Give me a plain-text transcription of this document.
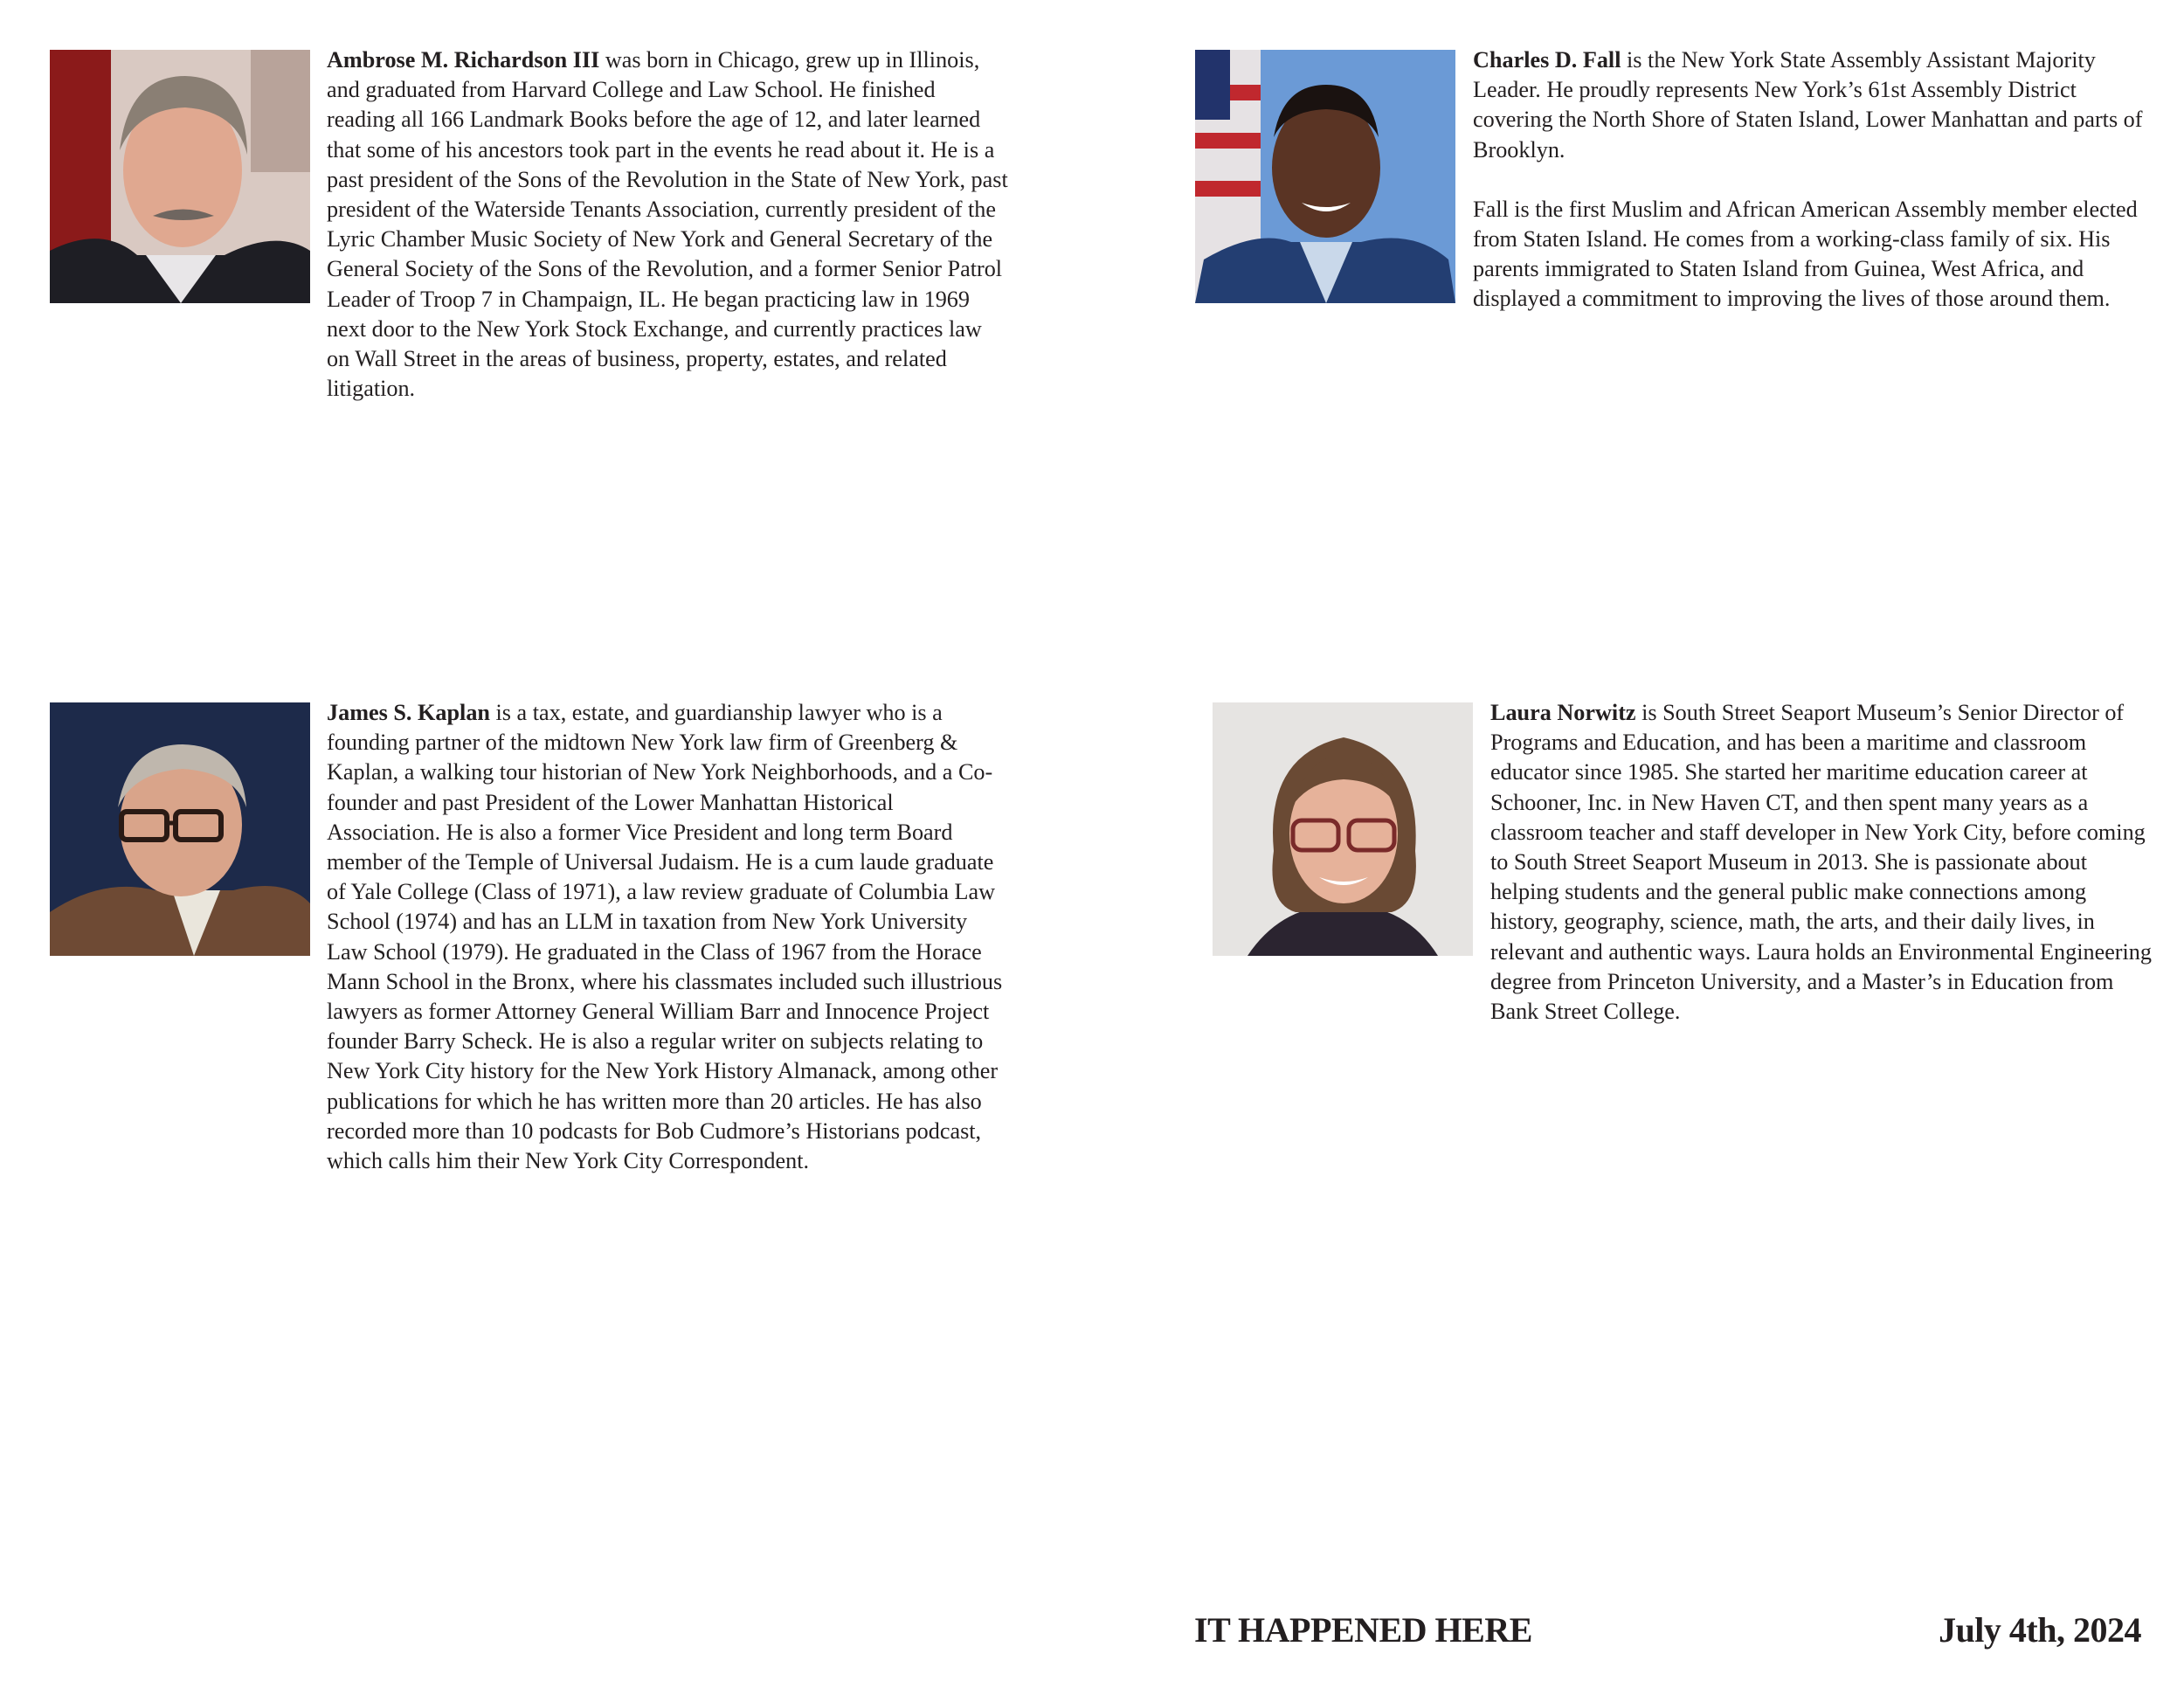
Ambrose M. Richardson III was born in Chicago, grew up in Illinois, and graduated from Harvard College and Law School. He finished reading all 166 Landmark Books before the age of 12, and later learned that some of his ancestors took part in the events he read about it. He is a past president of the Sons of the Revolution in the State of New York, past president of the Waterside Tenants Association, currently president of the Lyric Chamber Music Society of New York and General Secretary of the General Society of the Sons of the Revolution, and a former Senior Patrol Leader of Troop 7 in Champaign, IL. He began practicing law in 1969 next door to the New York Stock Exchange, and currently practices law on Wall Street in the areas of business, property, estates, and related litigation.

Charles D. Fall is the New York State Assembly Assistant Majority Leader. He proudly represents New York’s 61st Assembly District covering the North Shore of Staten Island, Lower Manhattan and parts of Brooklyn.

Fall is the first Muslim and African American Assembly member elected from Staten Island. He comes from a working-class family of six. His parents immigrated to Staten Island from Guinea, West Africa, and displayed a commitment to improving the lives of those around them.

James S. Kaplan is a tax, estate, and guardianship lawyer who is a founding partner of the midtown New York law firm of Greenberg & Kaplan, a walking tour historian of New York Neighborhoods, and a Co-founder and past President of the Lower Manhattan Historical Association. He is also a former Vice President and long term Board member of the Temple of Universal Judaism. He is a cum laude graduate of Yale College (Class of 1971), a law review graduate of Columbia Law School (1974) and has an LLM in taxation from New York University Law School (1979). He graduated in the Class of 1967 from the Horace Mann School in the Bronx, where his classmates included such illustrious lawyers as former Attorney General William Barr and Innocence Project founder Barry Scheck. He is also a regular writer on subjects relating to New York City history for the New York History Almanack, among other publications for which he has written more than 20 articles. He has also recorded more than 10 podcasts for Bob Cudmore’s Historians podcast, which calls him their New York City Correspondent.

Laura Norwitz is South Street Seaport Museum’s Senior Director of Programs and Education, and has been a maritime and classroom educator since 1985. She started her maritime education career at Schooner, Inc. in New Haven CT, and then spent many years as a classroom teacher and staff developer in New York City, before coming to South Street Seaport Museum in 2013. She is passionate about helping students and the general public make connections among history, geography, science, math, the arts, and their daily lives, in relevant and authentic ways. Laura holds an Environmental Engineering degree from Princeton University, and a Master’s in Education from Bank Street College.

IT HAPPENED HERE	July 4th, 2024
